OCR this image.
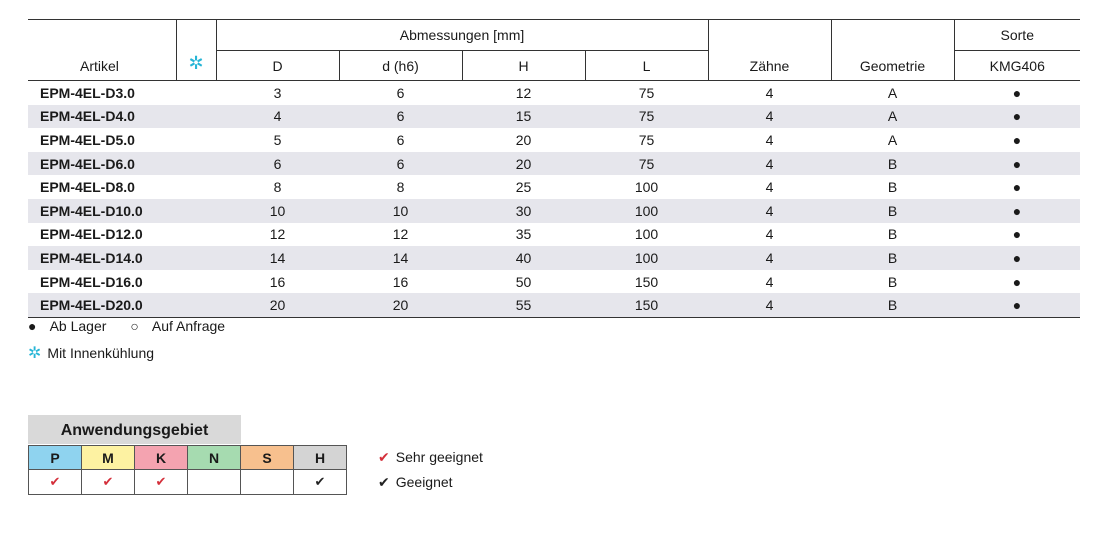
Artikel	✲	Abmessungen [mm]				Zähne	Geometrie	Sorte
		D	d (h6)	H	L			KMG406
EPM-4EL-D3.0		3	6	12	75	4	A	●
EPM-4EL-D4.0		4	6	15	75	4	A	●
EPM-4EL-D5.0		5	6	20	75	4	A	●
EPM-4EL-D6.0		6	6	20	75	4	B	●
EPM-4EL-D8.0		8	8	25	100	4	B	●
EPM-4EL-D10.0		10	10	30	100	4	B	●
EPM-4EL-D12.0		12	12	35	100	4	B	●
EPM-4EL-D14.0		14	14	40	100	4	B	●
EPM-4EL-D16.0		16	16	50	150	4	B	●
EPM-4EL-D20.0		20	20	55	150	4	B	●
● Ab Lager ○ Auf Anfrage
✲ Mit Innenkühlung
Anwendungsgebiet
P	M	K	N	S	H
✔	✔	✔			✔
✔ Sehr geeignet
✔ Geeignet
